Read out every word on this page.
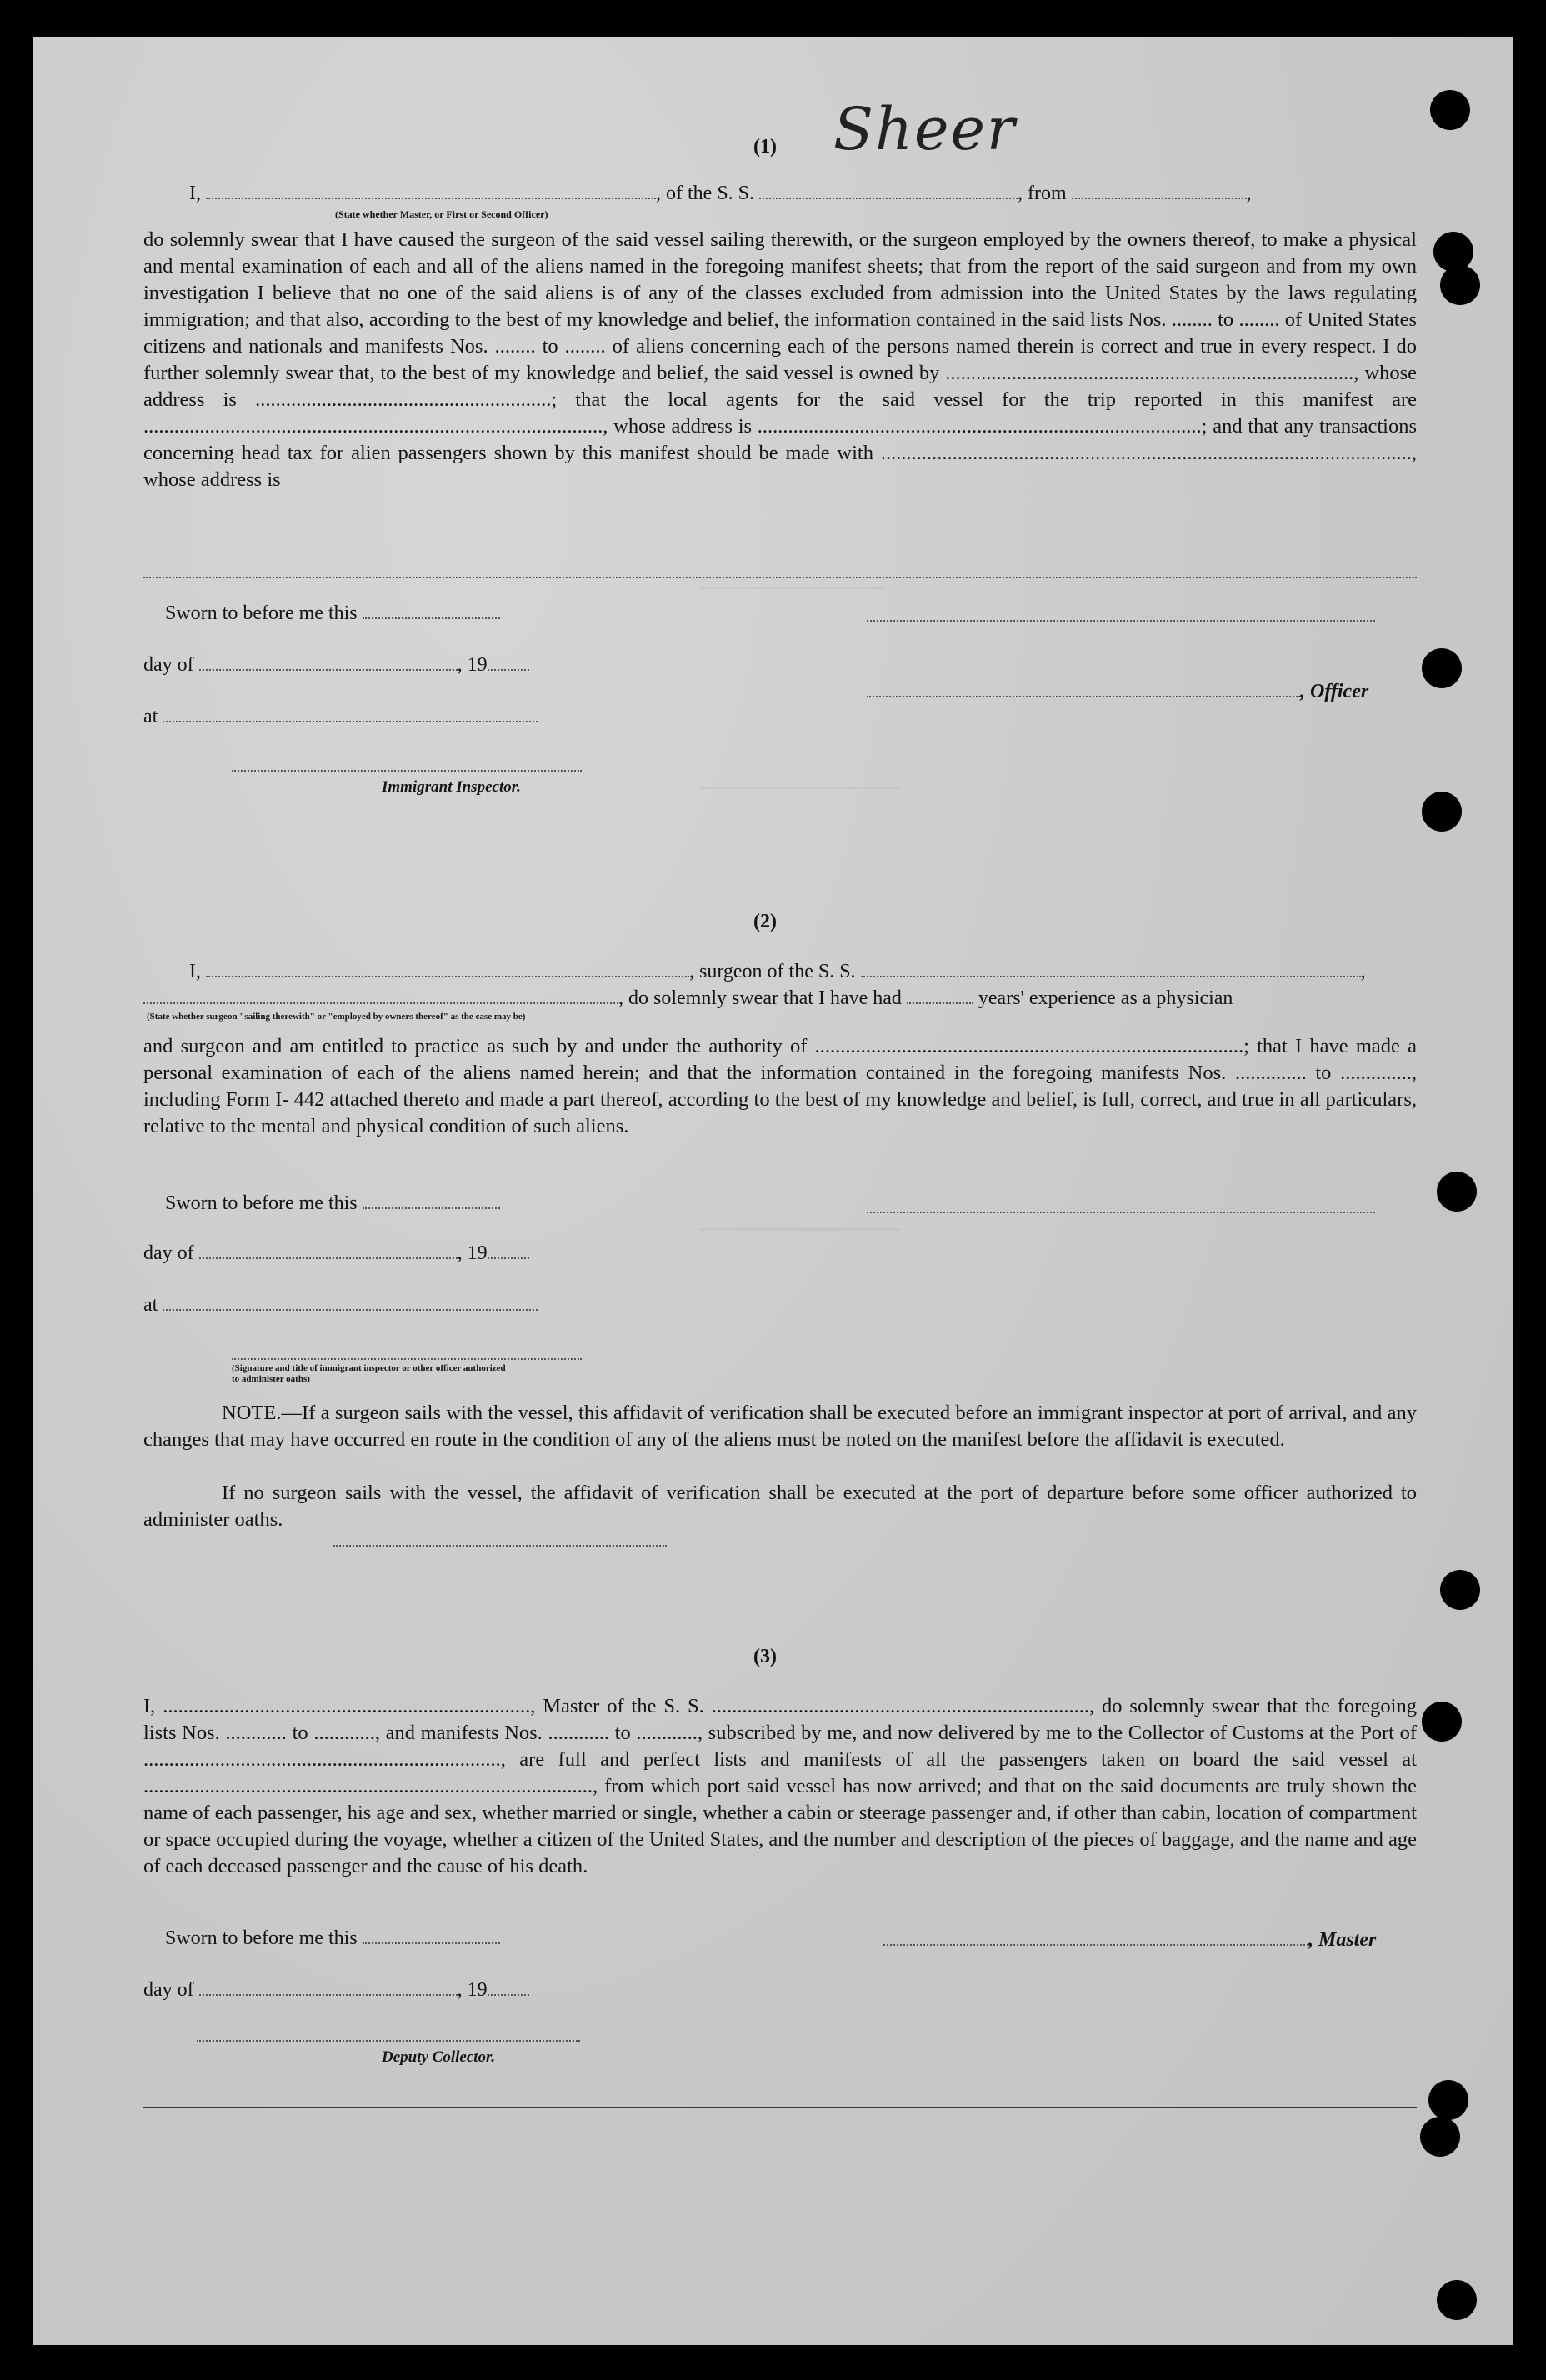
Sheer
(1)
I,	, of the S. S.	, from	,
(State whether Master, or First or Second Officer)
do solemnly swear that I have caused the surgeon of the said vessel sailing therewith, or the surgeon employed by the owners thereof, to make a physical and mental examination of each and all of the aliens named in the foregoing manifest sheets; that from the report of the said surgeon and from my own investigation I believe that no one of the said aliens is of any of the classes excluded from admission into the United States by the laws regulating immigration; and that also, according to the best of my knowledge and belief, the information contained in the said lists Nos. ........ to ........ of United States citizens and nationals and manifests Nos. ........ to ........ of aliens concerning each of the persons named therein is correct and true in every respect. I do further solemnly swear that, to the best of my knowledge and belief, the said vessel is owned by ................................................................................, whose address is ..........................................................; that the local agents for the said vessel for the trip reported in this manifest are .........................................................................................., whose address is .......................................................................................; and that any transactions concerning head tax for alien passengers shown by this manifest should be made with ........................................................................................................, whose address is
Sworn to before me this
day of	, 19
at
, Officer
Immigrant Inspector.
(2)
I,	, surgeon of the S. S.	,
, do solemnly swear that I have had	years' experience as a physician
(State whether surgeon "sailing therewith" or "employed by owners thereof" as the case may be)
and surgeon and am entitled to practice as such by and under the authority of ....................................................................................; that I have made a personal examination of each of the aliens named herein; and that the information contained in the foregoing manifests Nos. .............. to .............., including Form I- 442 attached thereto and made a part thereof, according to the best of my knowledge and belief, is full, correct, and true in all particulars, relative to the mental and physical condition of such aliens.
Sworn to before me this
day of	, 19
at
(Signature and title of immigrant inspector or other officer authorized to administer oaths)
NOTE.—If a surgeon sails with the vessel, this affidavit of verification shall be executed before an immigrant inspector at port of arrival, and any changes that may have occurred en route in the condition of any of the aliens must be noted on the manifest before the affidavit is executed.
If no surgeon sails with the vessel, the affidavit of verification shall be executed at the port of departure before some officer authorized to administer oaths.
(3)
I, ........................................................................, Master of the S. S. .........................................................................., do solemnly swear that the foregoing lists Nos. ............ to ............, and manifests Nos. ............ to ............, subscribed by me, and now delivered by me to the Collector of Customs at the Port of ......................................................................, are full and perfect lists and manifests of all the passengers taken on board the said vessel at ........................................................................................, from which port said vessel has now arrived; and that on the said documents are truly shown the name of each passenger, his age and sex, whether married or single, whether a cabin or steerage passenger and, if other than cabin, location of compartment or space occupied during the voyage, whether a citizen of the United States, and the number and description of the pieces of baggage, and the name and age of each deceased passenger and the cause of his death.
Sworn to before me this	, Master
day of	, 19
Deputy Collector.
